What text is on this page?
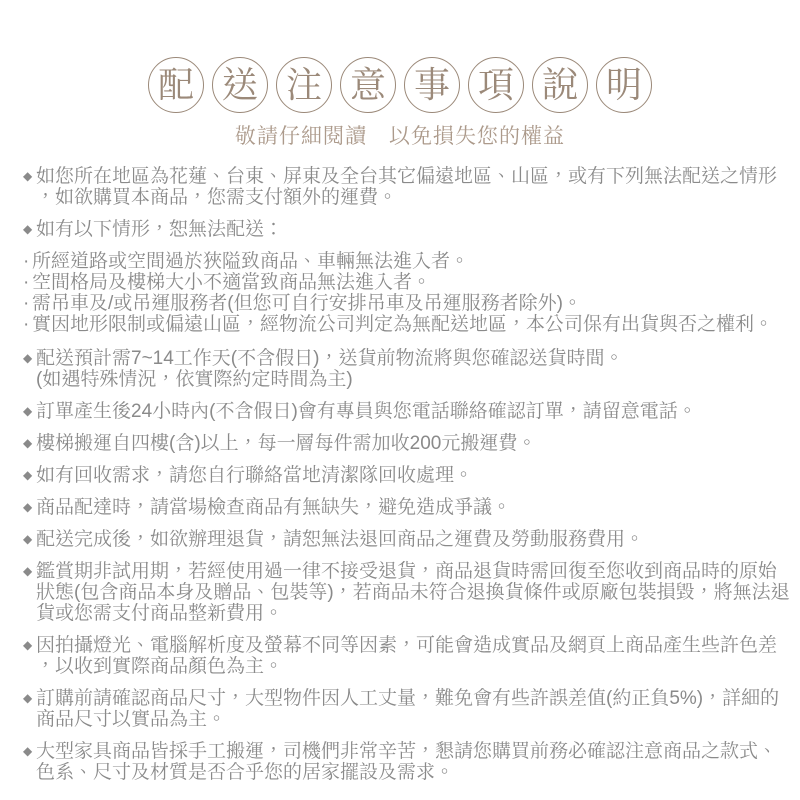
配 送 注 意 事 項 說 明
敬請仔細閱讀　以免損失您的權益
◆ 如您所在地區為花蓮、台東、屏東及全台其它偏遠地區、山區，或有下列無法配送之情形
，如欲購買本商品，您需支付額外的運費。
◆ 如有以下情形，恕無法配送：
· 所經道路或空間過於狹隘致商品、車輛無法進入者。
· 空間格局及樓梯大小不適當致商品無法進入者。
· 需吊車及/或吊運服務者(但您可自行安排吊車及吊運服務者除外)。
· 實因地形限制或偏遠山區，經物流公司判定為無配送地區，本公司保有出貨與否之權利。
◆ 配送預計需7~14工作天(不含假日)，送貨前物流將與您確認送貨時間。
(如遇特殊情況，依實際約定時間為主)
◆ 訂單產生後24小時內(不含假日)會有專員與您電話聯絡確認訂單，請留意電話。
◆ 樓梯搬運自四樓(含)以上，每一層每件需加收200元搬運費。
◆ 如有回收需求，請您自行聯絡當地清潔隊回收處理。
◆ 商品配達時，請當場檢查商品有無缺失，避免造成爭議。
◆ 配送完成後，如欲辦理退貨，請恕無法退回商品之運費及勞動服務費用。
◆ 鑑賞期非試用期，若經使用過一律不接受退貨，商品退貨時需回復至您收到商品時的原始
狀態(包含商品本身及贈品、包裝等)，若商品未符合退換貨條件或原廠包裝損毀，將無法退
貨或您需支付商品整新費用。
◆ 因拍攝燈光、電腦解析度及螢幕不同等因素，可能會造成實品及網頁上商品產生些許色差
，以收到實際商品顏色為主。
◆ 訂購前請確認商品尺寸，大型物件因人工丈量，難免會有些許誤差值(約正負5%)，詳細的
商品尺寸以實品為主。
◆ 大型家具商品皆採手工搬運，司機們非常辛苦，懇請您購買前務必確認注意商品之款式、
色系、尺寸及材質是否合乎您的居家擺設及需求。
